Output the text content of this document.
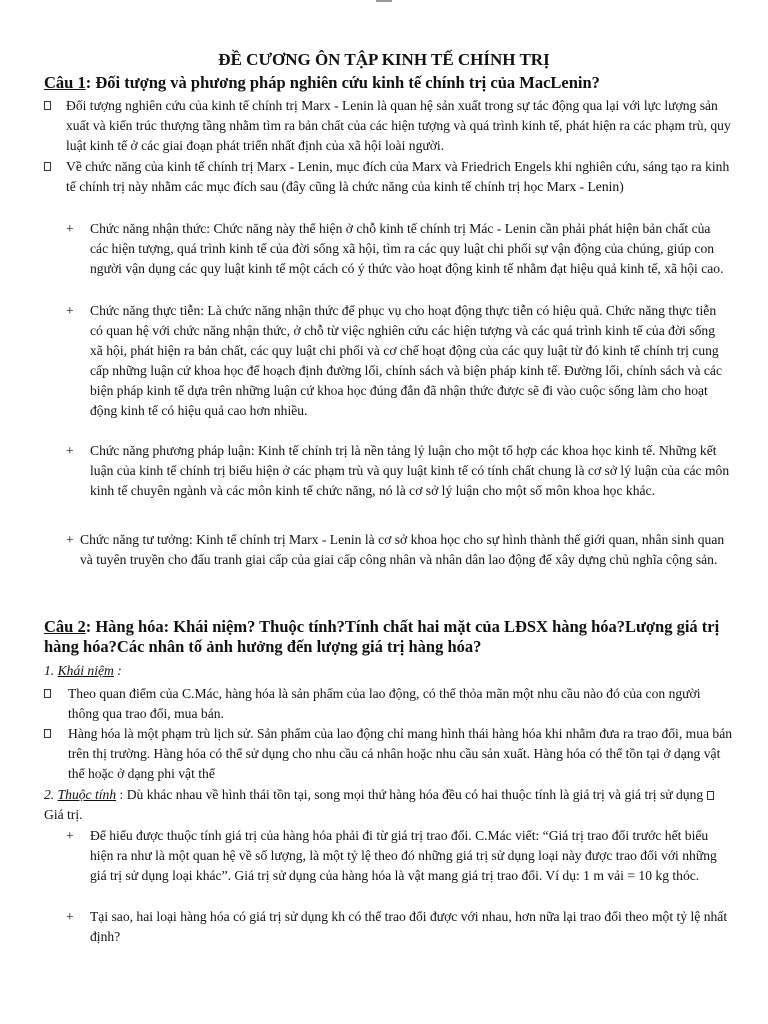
ĐỀ CƯƠNG ÔN TẬP KINH TẾ CHÍNH TRỊ
Câu 1: Đối tượng và phương pháp nghiên cứu kinh tế chính trị của MacLenin?

Đối tượng nghiên cứu của kinh tế chính trị Marx - Lenin là quan hệ sản xuất trong sự tác động qua lại với lực lượng sản xuất và kiến trúc thượng tầng nhằm tìm ra bản chất của các hiện tượng và quá trình kinh tế, phát hiện ra các phạm trù, quy luật kinh tế ở các giai đoạn phát triển nhất định của xã hội loài người.

Về chức năng của kinh tế chính trị Marx - Lenin, mục đích của Marx và Friedrich Engels khi nghiên cứu, sáng tạo ra kinh tế chính trị này nhằm các mục đích sau (đây cũng là chức năng của kinh tế chính trị học Marx - Lenin)

+	Chức năng nhận thức: Chức năng này thể hiện ở chỗ kinh tế chính trị Mác - Lenin cần phải phát hiện bản chất của các hiện tượng, quá trình kinh tế của đời sống xã hội, tìm ra các quy luật chi phối sự vận động của chúng, giúp con người vận dụng các quy luật kinh tế một cách có ý thức vào hoạt động kinh tế nhằm đạt hiệu quả kinh tế, xã hội cao.

+	Chức năng thực tiễn: Là chức năng nhận thức để phục vụ cho hoạt động thực tiễn có hiệu quả. Chức năng thực tiễn có quan hệ với chức năng nhận thức, ở chỗ từ việc nghiên cứu các hiện tượng và các quá trình kinh tế của đời sống xã hội, phát hiện ra bản chất, các quy luật chi phối và cơ chế hoạt động của các quy luật từ đó kinh tế chính trị cung cấp những luận cứ khoa học để hoạch định đường lối, chính sách và biện pháp kinh tế. Đường lối, chính sách và các biện pháp kinh tế dựa trên những luận cứ khoa học đúng đắn đã nhận thức được sẽ đi vào cuộc sống làm cho hoạt động kinh tế có hiệu quả cao hơn nhiều.

+	Chức năng phương pháp luận: Kinh tế chính trị là nền tảng lý luận cho một tổ hợp các khoa học kinh tế. Những kết luận của kinh tế chính trị biểu hiện ở các phạm trù và quy luật kinh tế có tính chất chung là cơ sở lý luận của các môn kinh tế chuyên ngành và các môn kinh tế chức năng, nó là cơ sở lý luận cho một số môn khoa học khác.

+ Chức năng tư tưởng: Kinh tế chính trị Marx - Lenin là cơ sở khoa học cho sự hình thành thế giới quan, nhân sinh quan và tuyên truyền cho đấu tranh giai cấp của giai cấp công nhân và nhân dân lao động để xây dựng chủ nghĩa cộng sản.

Câu 2: Hàng hóa: Khái niệm? Thuộc tính?Tính chất hai mặt của LĐSX hàng hóa?Lượng giá trị hàng hóa?Các nhân tố ảnh hưởng đến lượng giá trị hàng hóa?
1. Khái niệm :

Theo quan điểm của C.Mác, hàng hóa là sản phẩm của lao động, có thể thỏa mãn một nhu cầu nào đó của con người thông qua trao đổi, mua bán.

Hàng hóa là một phạm trù lịch sử. Sản phẩm của lao động chỉ mang hình thái hàng hóa khi nhằm đưa ra trao đổi, mua bán trên thị trường. Hàng hóa có thể sử dụng cho nhu cầu cá nhân hoặc nhu cầu sản xuất. Hàng hóa có thể tồn tại ở dạng vật thể hoặc ở dạng phi vật thể

2. Thuộc tính : Dù khác nhau về hình thái tồn tại, song mọi thứ hàng hóa đều có hai thuộc tính là giá trị và giá trị sử dụng  Giá trị.

+	Để hiểu được thuộc tính giá trị của hàng hóa phải đi từ giá trị trao đổi. C.Mác viết: “Giá trị trao đổi trước hết biểu hiện ra như là một quan hệ về số lượng, là một tỷ lệ theo đó những giá trị sử dụng loại này được trao đổi với những giá trị sử dụng loại khác”. Giá trị sử dụng của hàng hóa là vật mang giá trị trao đổi. Ví dụ: 1 m vải = 10 kg thóc.

+	Tại sao, hai loại hàng hóa có giá trị sử dụng kh có thể trao đổi được với nhau, hơn nữa lại trao đổi theo một tỷ lệ nhất định?
